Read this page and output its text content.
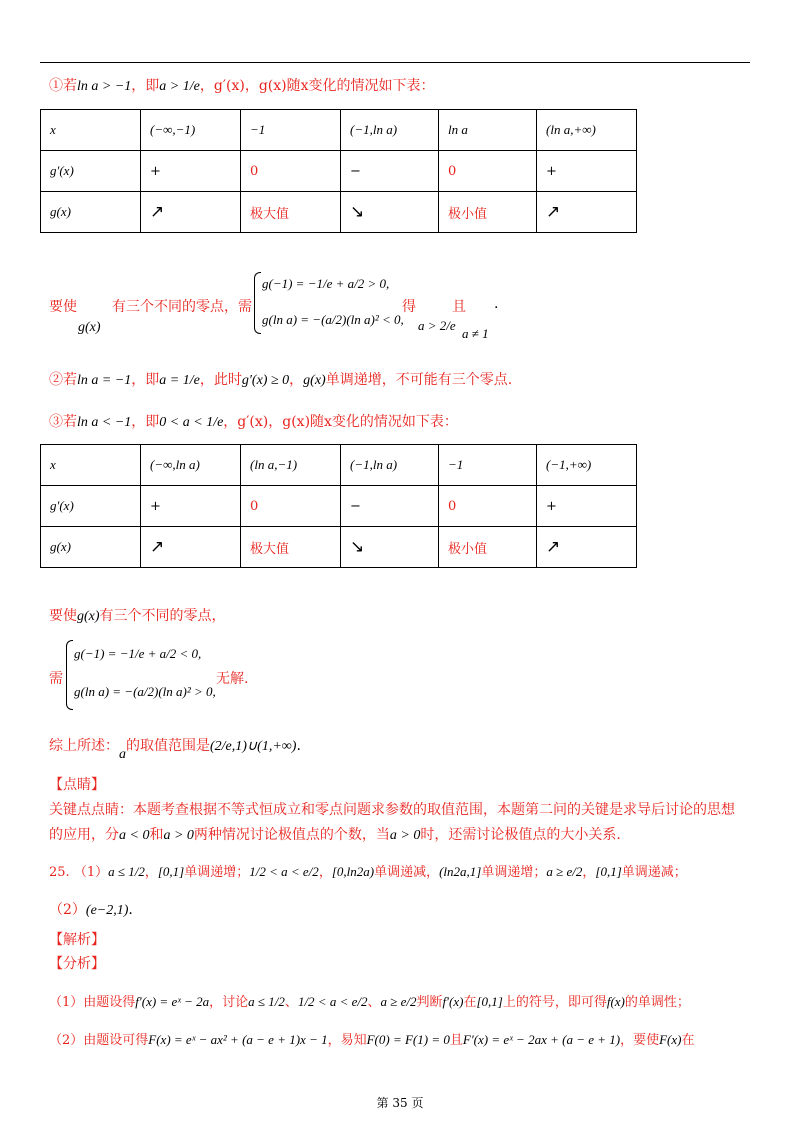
①若ln a > −1，即a > 1/e，g′(x)，g(x)随x变化的情况如下表：
x	(−∞,−1)	−1	(−1,ln a)	ln a	(ln a,+∞)
g′(x)	+	0	−	0	+
g(x)	↗	极大值	↘	极小值	↗
要使
g(x)
有三个不同的零点，需
g(−1) = −1/e + a/2 > 0,
g(ln a) = −(a/2)(ln a)² < 0,
得
a > 2/e
且
a ≠ 1
.
②若ln a = −1，即a = 1/e，此时g′(x) ≥ 0，g(x)单调递增，不可能有三个零点.
③若ln a < −1，即0 < a < 1/e，g′(x)，g(x)随x变化的情况如下表：
x	(−∞,ln a)	(ln a,−1)	(−1,ln a)	−1	(−1,+∞)
g′(x)	+	0	−	0	+
g(x)	↗	极大值	↘	极小值	↗
要使g(x)有三个不同的零点，
需
g(−1) = −1/e + a/2 < 0,
g(ln a) = −(a/2)(ln a)² > 0,
无解.
综上所述：a的取值范围是(2/e,1)∪(1,+∞).
【点睛】
关键点点睛：本题考查根据不等式恒成立和零点问题求参数的取值范围，本题第二问的关键是求导后讨论的思想
的应用，分a < 0和a > 0两种情况讨论极值点的个数，当a > 0时，还需讨论极值点的大小关系.
25. （1）a ≤ 1/2，[0,1]单调递增；1/2 < a < e/2，[0,ln2a)单调递减，(ln2a,1]单调递增；a ≥ e/2，[0,1]单调递减；
（2）(e−2,1).
【解析】
【分析】
（1）由题设得f′(x) = eˣ − 2a，讨论a ≤ 1/2、1/2 < a < e/2、a ≥ e/2判断f′(x)在[0,1]上的符号，即可得f(x)的单调性；
（2）由题设可得F(x) = eˣ − ax² + (a − e + 1)x − 1，易知F(0) = F(1) = 0且F′(x) = eˣ − 2ax + (a − e + 1)，要使F(x)在
第 35 页
